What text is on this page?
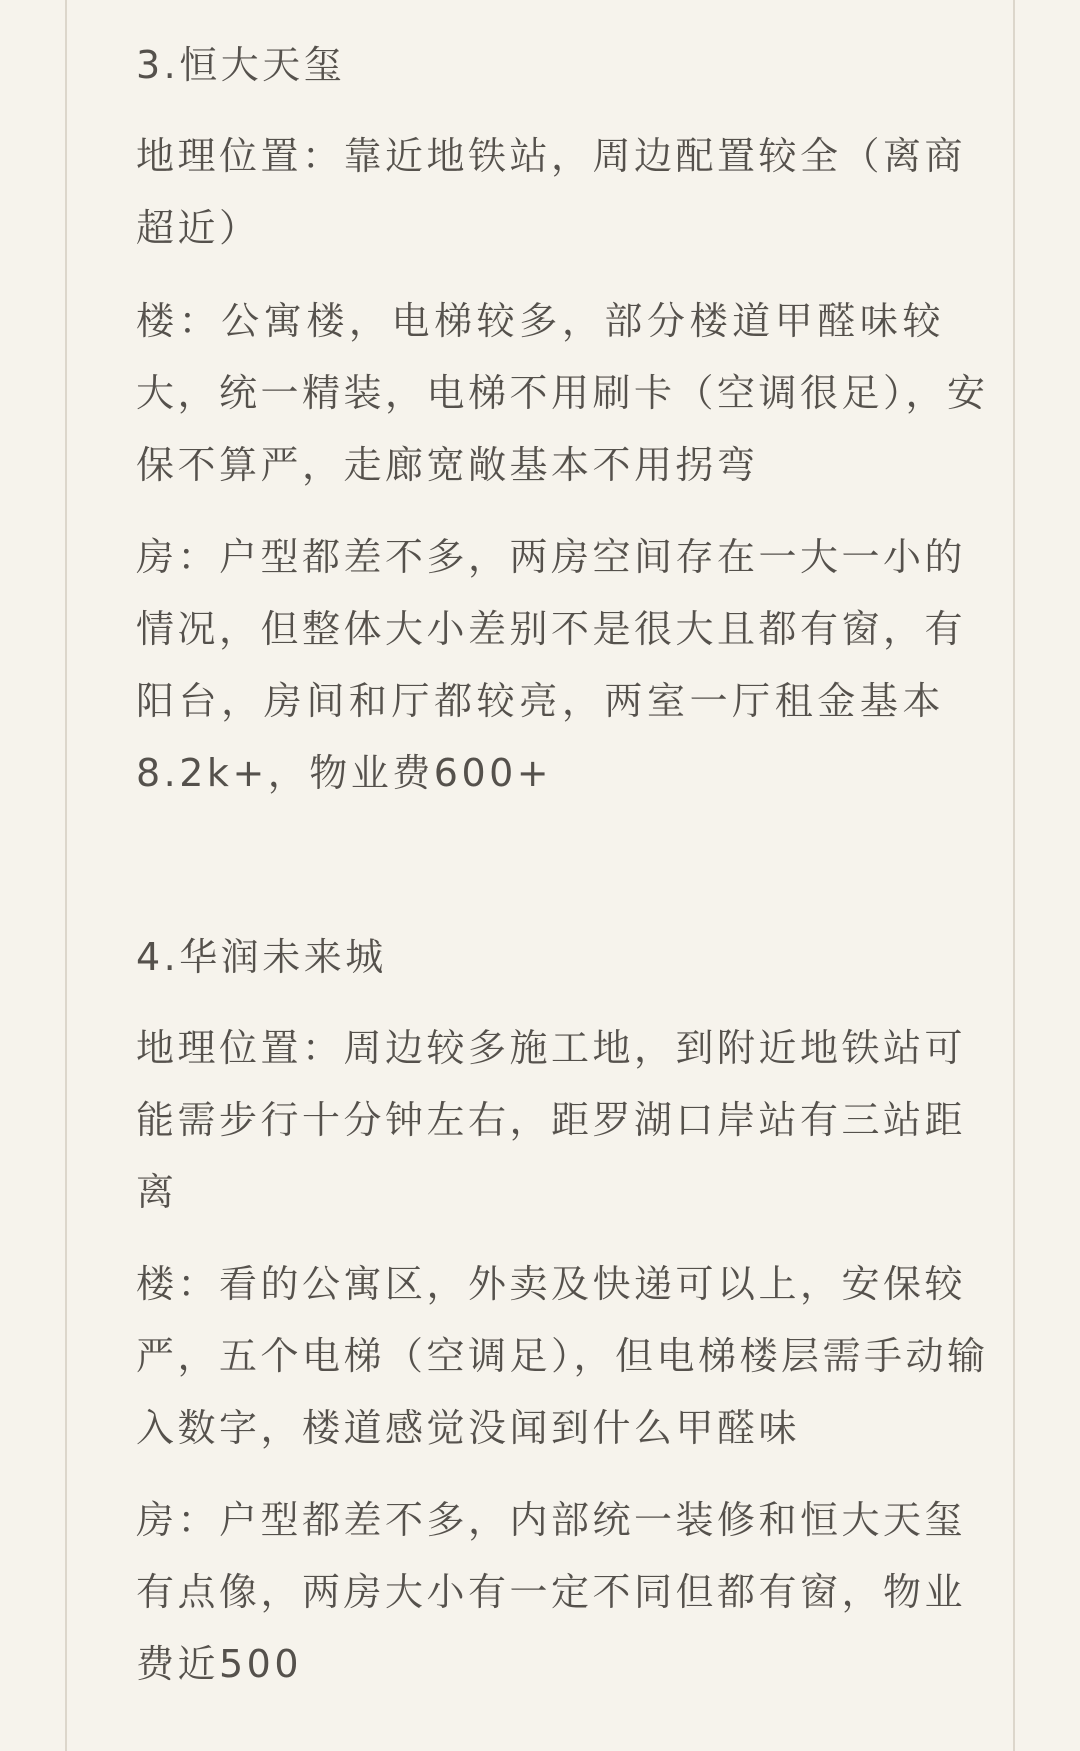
3.恒大天玺
地理位置：靠近地铁站，周边配置较全（离商
超近）
楼：公寓楼，电梯较多，部分楼道甲醛味较
大，统一精装，电梯不用刷卡（空调很足），安
保不算严，走廊宽敞基本不用拐弯
房：户型都差不多，两房空间存在一大一小的
情况，但整体大小差别不是很大且都有窗，有
阳台，房间和厅都较亮，两室一厅租金基本
8.2k+，物业费600+
4.华润未来城
地理位置：周边较多施工地，到附近地铁站可
能需步行十分钟左右，距罗湖口岸站有三站距
离
楼：看的公寓区，外卖及快递可以上，安保较
严，五个电梯（空调足），但电梯楼层需手动输
入数字，楼道感觉没闻到什么甲醛味
房：户型都差不多，内部统一装修和恒大天玺
有点像，两房大小有一定不同但都有窗，物业
费近500
